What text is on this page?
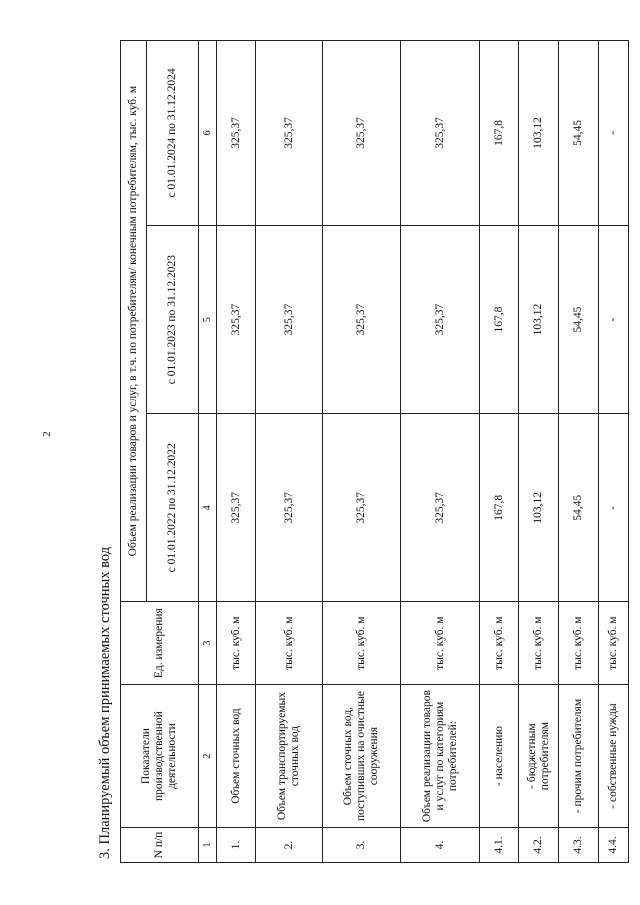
2
3. Планируемый объем принимаемых сточных вод	N п/п	Показатели производственной деятельности	Ед. измерения	Объем реализации товаров и услуг, в т.ч. по потребителям/ конечным потребителям, тыс. куб. м		
			с 01.01.2022 по 31.12.2022	с 01.01.2023 по 31.12.2023	с 01.01.2024 по 31.12.2024
1	2	3	4	5	6
1.	Объем сточных вод	тыс. куб. м	325,37	325,37	325,37
2.	Объем транспортируемых сточных вод	тыс. куб. м	325,37	325,37	325,37
3.	Объем сточных вод, поступивших на очистные сооружения	тыс. куб. м	325,37	325,37	325,37
4.	Объем реализации товаров и услуг по категориям потребителей:	тыс. куб. м	325,37	325,37	325,37
4.1.	- населению	тыс. куб. м	167,8	167,8	167,8
4.2.	- бюджетным потребителям	тыс. куб. м	103,12	103,12	103,12
4.3.	- прочим потребителям	тыс. куб. м	54,45	54,45	54,45
4.4.	- собственные нужды	тыс. куб. м	-	-	-
